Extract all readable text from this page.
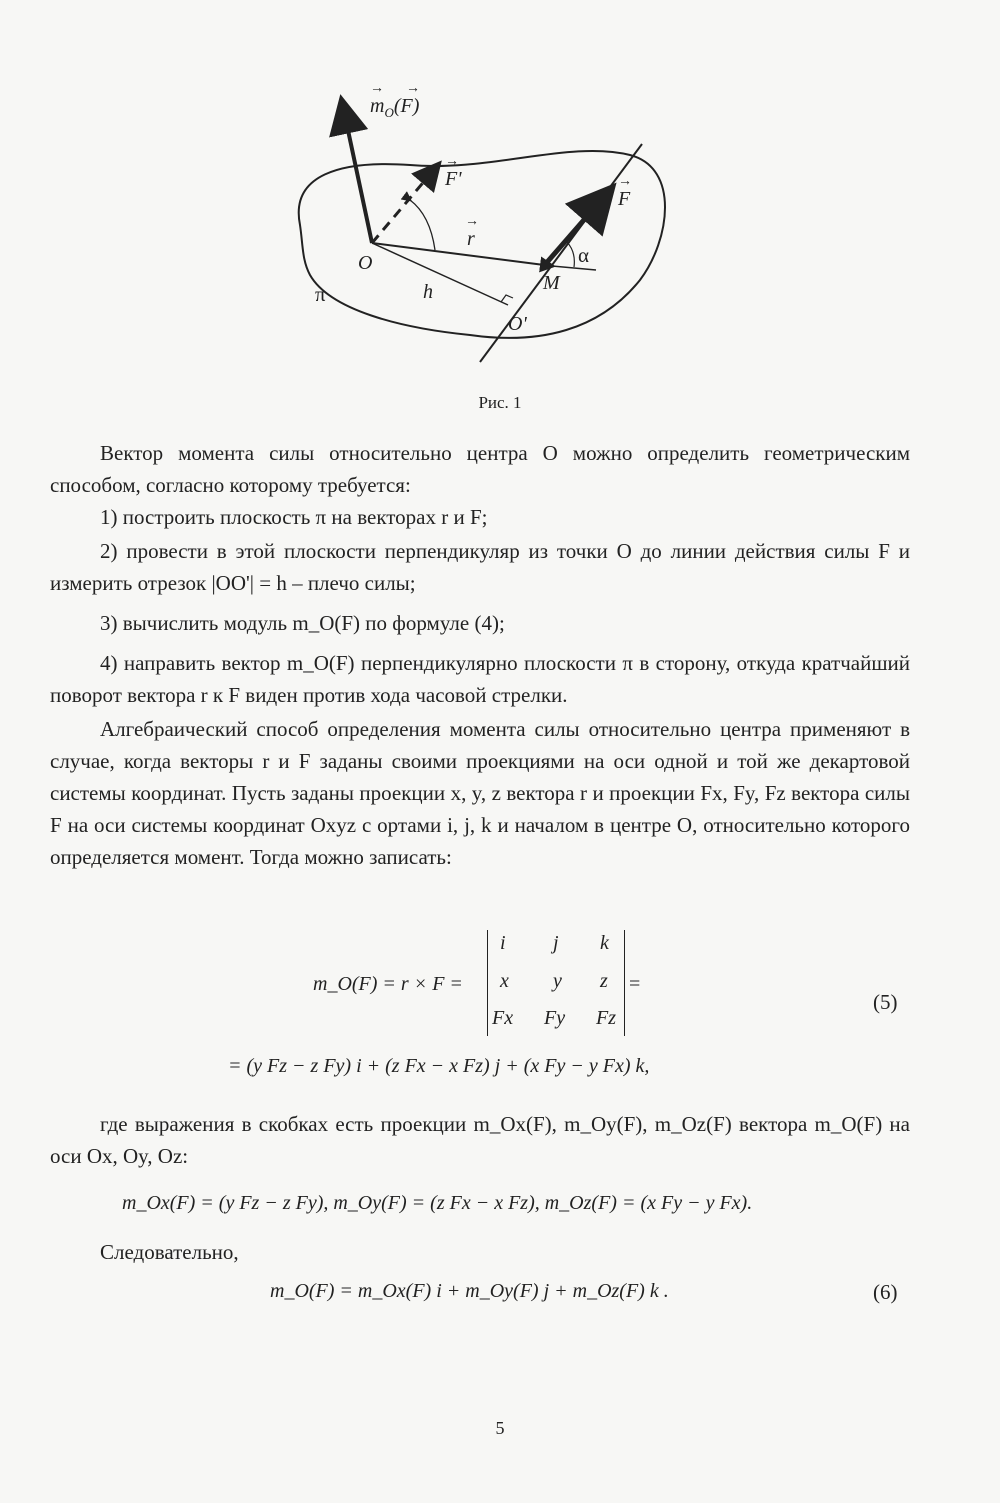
→ →
$m_O(F)$
→
F'	→
F
→
r
α
O
M
h
π
O'
Рис. 1

Вектор момента силы относительно центра O можно определить геометрическим способом, согласно которому требуется:

1) построить плоскость π на векторах r и F;

2) провести в этой плоскости перпендикуляр из точки O до линии действия силы F и измерить отрезок |OO'| = h – плечо силы;

3) вычислить модуль m_O(F) по формуле (4);

4) направить вектор m_O(F) перпендикулярно плоскости π в сторону, откуда кратчайший поворот вектора r к F виден против хода часовой стрелки.

Алгебраический способ определения момента силы относительно центра применяют в случае, когда векторы r и F заданы своими проекциями на оси одной и той же декартовой системы координат. Пусть заданы проекции x, y, z вектора r и проекции Fx, Fy, Fz вектора силы F на оси системы координат Oxyz с ортами i, j, k и началом в центре O, относительно которого определяется момент. Тогда можно записать:

m_O(F) = r × F =
i j k
x y z
Fx Fy Fz
=
(5)
= (y Fz − z Fy) i + (z Fx − x Fz) j + (x Fy − y Fx) k,

где выражения в скобках есть проекции m_Ox(F), m_Oy(F), m_Oz(F) вектора m_O(F) на оси Ox, Oy, Oz:

m_Ox(F) = (y Fz − z Fy), m_Oy(F) = (z Fx − x Fz), m_Oz(F) = (x Fy − y Fx).

Следовательно,

m_O(F) = m_Ox(F) i + m_Oy(F) j + m_Oz(F) k .	(6)
5
